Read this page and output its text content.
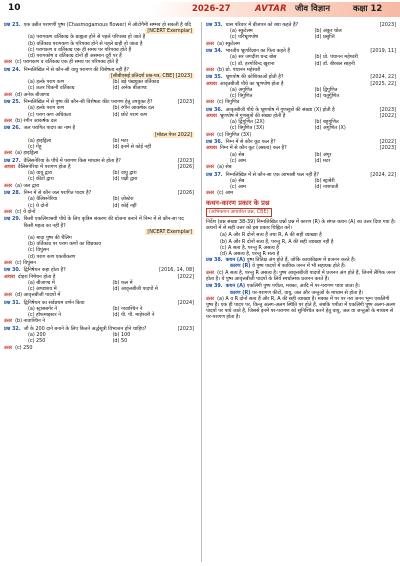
10	2026-27	AVTAR जीव विज्ञान	कक्षा 12
प्रश्न 23. एक उन्नीत परागणी पुष्प (Chasmogamous flower) में ऑटोगैमी सम्भव हो सकती है यदि
[NCERT Exemplar]
(a) परागकण वर्तिकाग्र के ग्राह्यता होने से पहले परिपक्व हो जाते हैं
(b) वर्तिकाग्र परागकण के परिपक्व होने से पहले ग्राही हो जाता है
(c) परागकण व वर्तिकाग्र एक ही समय पर परिपक्व होते हैं
(d) परागकोष व वर्तिकाग्र दोनों ही असमान दूरी पर हैं
उत्तर (c) परागकण व वर्तिकाग्र एक ही समय पर परिपक्व होते हैं
प्रश्न 24. निम्नलिखित में से कौन-सी वायु परागण की विशेषता नहीं है?
[सीबीएसई प्रतिदर्श प्रश्न-पत्र, CBE] [2023]
(a) हल्के पराग कण	(b) बड़े पंखयुक्त वर्तिकाग्र
(c) ऊतर चिकनी वर्तिकाग्र	(d) अनेक बीजाण्ड
उत्तर (d) अनेक बीजाण्ड
प्रश्न 25. निम्नलिखित में से पुष्प की कौन-सी विशेषता कीट परागण हेतु उपयुक्त है?	[2023]
(a) हल्के पराग कण	(b) रंगीन आकर्षक दल
(c) पराग कण अधिकता	(d) छोटे पराग कण
उत्तर (b) रंगीन आकर्षक दल
प्रश्न 26. जल परागित पादप का नाम है
[मॉडल पेपर 2022]
(a) हाइड्रिला	(b) मटर
(c) गेंहू	(d) इनमें से कोई नहीं
उत्तर (a) हाइड्रिला
प्रश्न 27. वैलिसनेरिया के पौधे में परागण किस माध्यम से होता है?	[2023]
अथवा वैलिसनेरिया में परागण होता है	[2026]
(a) वायु द्वारा	(b) वायु द्वारा
(c) कीटों द्वारा	(d) पक्षी द्वारा
उत्तर (a) जल द्वारा
प्रश्न 28. निम्न में से कौन जल परागित पादप है?	[2026]
(a) वैलिसनेरिया	(b) ज़ोस्टेरा
(c) ये दोनों	(d) कोई नहीं
उत्तर (c) ये दोनों
प्रश्न 29. किसी एकलिंगाश्रयी पौधे के लिए कृत्रिम संकरण की योजना बनाने में निम्न में से कौन-सा पद किसी महत्व का नहीं है?
[NCERT Exemplar]
(a) मादा पुष्प की थैलिंग
(b) वर्तिकाग्र पर पराग कणों का छिड़काव
(c) विपुंसन
(d) पराग कण एकत्रीकरण
उत्तर (c) विपुंसन
प्रश्न 30. द्विनिषेचन कहा होता है?	[2016, 14, 08]
अथवा दोहरा निषेचन होता है	[2022]
(a) बीजाण्ड में	(b) फल में
(c) अण्डाशय में	(d) आवृत्तबीजी पादपों में
उत्तर (d) आवृत्तबीजी पादपों में
प्रश्न 31. द्विनिषेचन का सर्वप्रथम वर्णन किया	[2024]
(a) स्ट्रासबर्गर ने	(b) नावाश्चिन ने
(c) हॉफमाइस्टर ने	(d) पी. पी. माहेश्वरी ने
उत्तर (b) नावाश्चिन ने
प्रश्न 32. जौ के 200 दाने बनाने के लिए कितने अर्द्धसूत्री विभाजन होने चाहिए?	[2023]
(a) 200	(b) 100
(c) 250	(d) 50
उत्तर (c) 250
प्रश्न 33. घास परिवार में बीजपत्र को क्या कहते हैं?	[2023]
(a) स्कुटेलम	(b) अंकुर चोल
(c) परिभ्रूणपोष	(d) प्रसुप्ति
उत्तर (a) स्कुटेलम
प्रश्न 34. भारतीय भ्रूणविज्ञान का पिता कहते हैं	[2019, 11]
(a) सर जगदीश चन्द्र बोस	(b) प्रो. पंचानन महेश्वरी
(c) डॉ. हरगोविन्द खुराना	(d) डॉ. बीरबल साहनी
उत्तर (b) प्रो. पंचानन महेश्वरी
प्रश्न 35. भ्रूणपोष की कोशिकाओं होती है?	[2024, 22]
अथवा आवृतबीजी पौधे का भ्रूणपोष होता है	[2025, 22]
(a) अगुणित	(b) द्विगुणित
(c) त्रिगुणित	(d) चतुर्गुणित
उत्तर (c) त्रिगुणित
प्रश्न 36. आवृतबीजी पौधे के भ्रूणपोष में गुणसूत्रों की संख्या (X) होती है	[2023]
अथवा भ्रूणपोष में गुणसूत्रों की संख्या होती है	[2022]
(a) द्विगुणित (2X)	(b) बहुगुणित
(c) त्रिगुणित (3X)	(d) अगुणित (X)
उत्तर (c) त्रिगुणित (3X)
प्रश्न 36. निम्न में से कौन कूट फल है?	[2022]
अथवा निम्न में से कौन कूट (असत्य) फल है?	[2023]
(a) सेब	(b) अंगूर
(c) आम	(d) मटर
उत्तर (a) सेब
प्रश्न 37. निम्नलिखित में से कौन-सा एक आभासी फल नहीं है?	[2024, 22]
(a) सेब	(b) स्ट्राबेरी
(c) आम	(d) नाशपाती
उत्तर (c) आम
कथन-कारण प्रकार के प्रश्न
(अभिकथन आधारित प्रश्न, CBE)
निर्देश (प्रश्न संख्या 38-39) निम्नलिखित प्रश्नों प्रश्न में कारण (R) के संगत कथन (A) का उत्तर दिया गया है। कथनों में से सही उत्तर को इस प्रकार चिह्नित करें।
(a) A और R दोनों सत्य हैं तथा R, A की सही व्याख्या है
(b) A और R दोनों सत्य हैं, परन्तु R, A की सही व्याख्या नहीं है
(c) A सत्य है, परन्तु R असत्य है
(d) A असत्य है, परन्तु R सत्य है
प्रश्न 38. कथन (A) पुष्प तितिक्ष अंग होते हैं, जोकि कायकीक्रम में प्रजनन करते हैं।
कारण (R) ये पुष्प पादपों में कायिक जनन में भी सहायक होते हैं।
उत्तर (c) A सत्य है, परन्तु R असत्य है। पुष्प आवृत्तबीजी पादपों में प्रजनन अंग होते हैं, जिनमें लैंगिक जनन होता है। ये पुष्प आवृत्तबीजी पादपों के लिये स्पर्धात्मक प्रजनन करते हैं।
प्रश्न 39. कथन (A) एकलिंगी पुष्प पपीता, मक्का, आदि में पर-परागण पाया जाता है।
कारण (R) पर-परागण कीटों, वायु, जल और जन्तुओं के माध्यम से होता है।
उत्तर (a) A व R दोनों सत्य हैं और R, A की सही व्याख्या है। मक्का में पर पर नरा जनन भूग्न एकलिंगी पुष्प हैं। एक ही पादप पर, किन्तु अलग-अलग स्थिति पर होते हैं, जबकि पपीता में एकलिंगी पुष्प अलग-अलग पादपों पर पाये जाते हैं, जिससे इनमें पर-परागण को सुनिश्चित करने हेतु वायु, जल या जन्तुओं के माध्यम से पर-परागण होता है।
